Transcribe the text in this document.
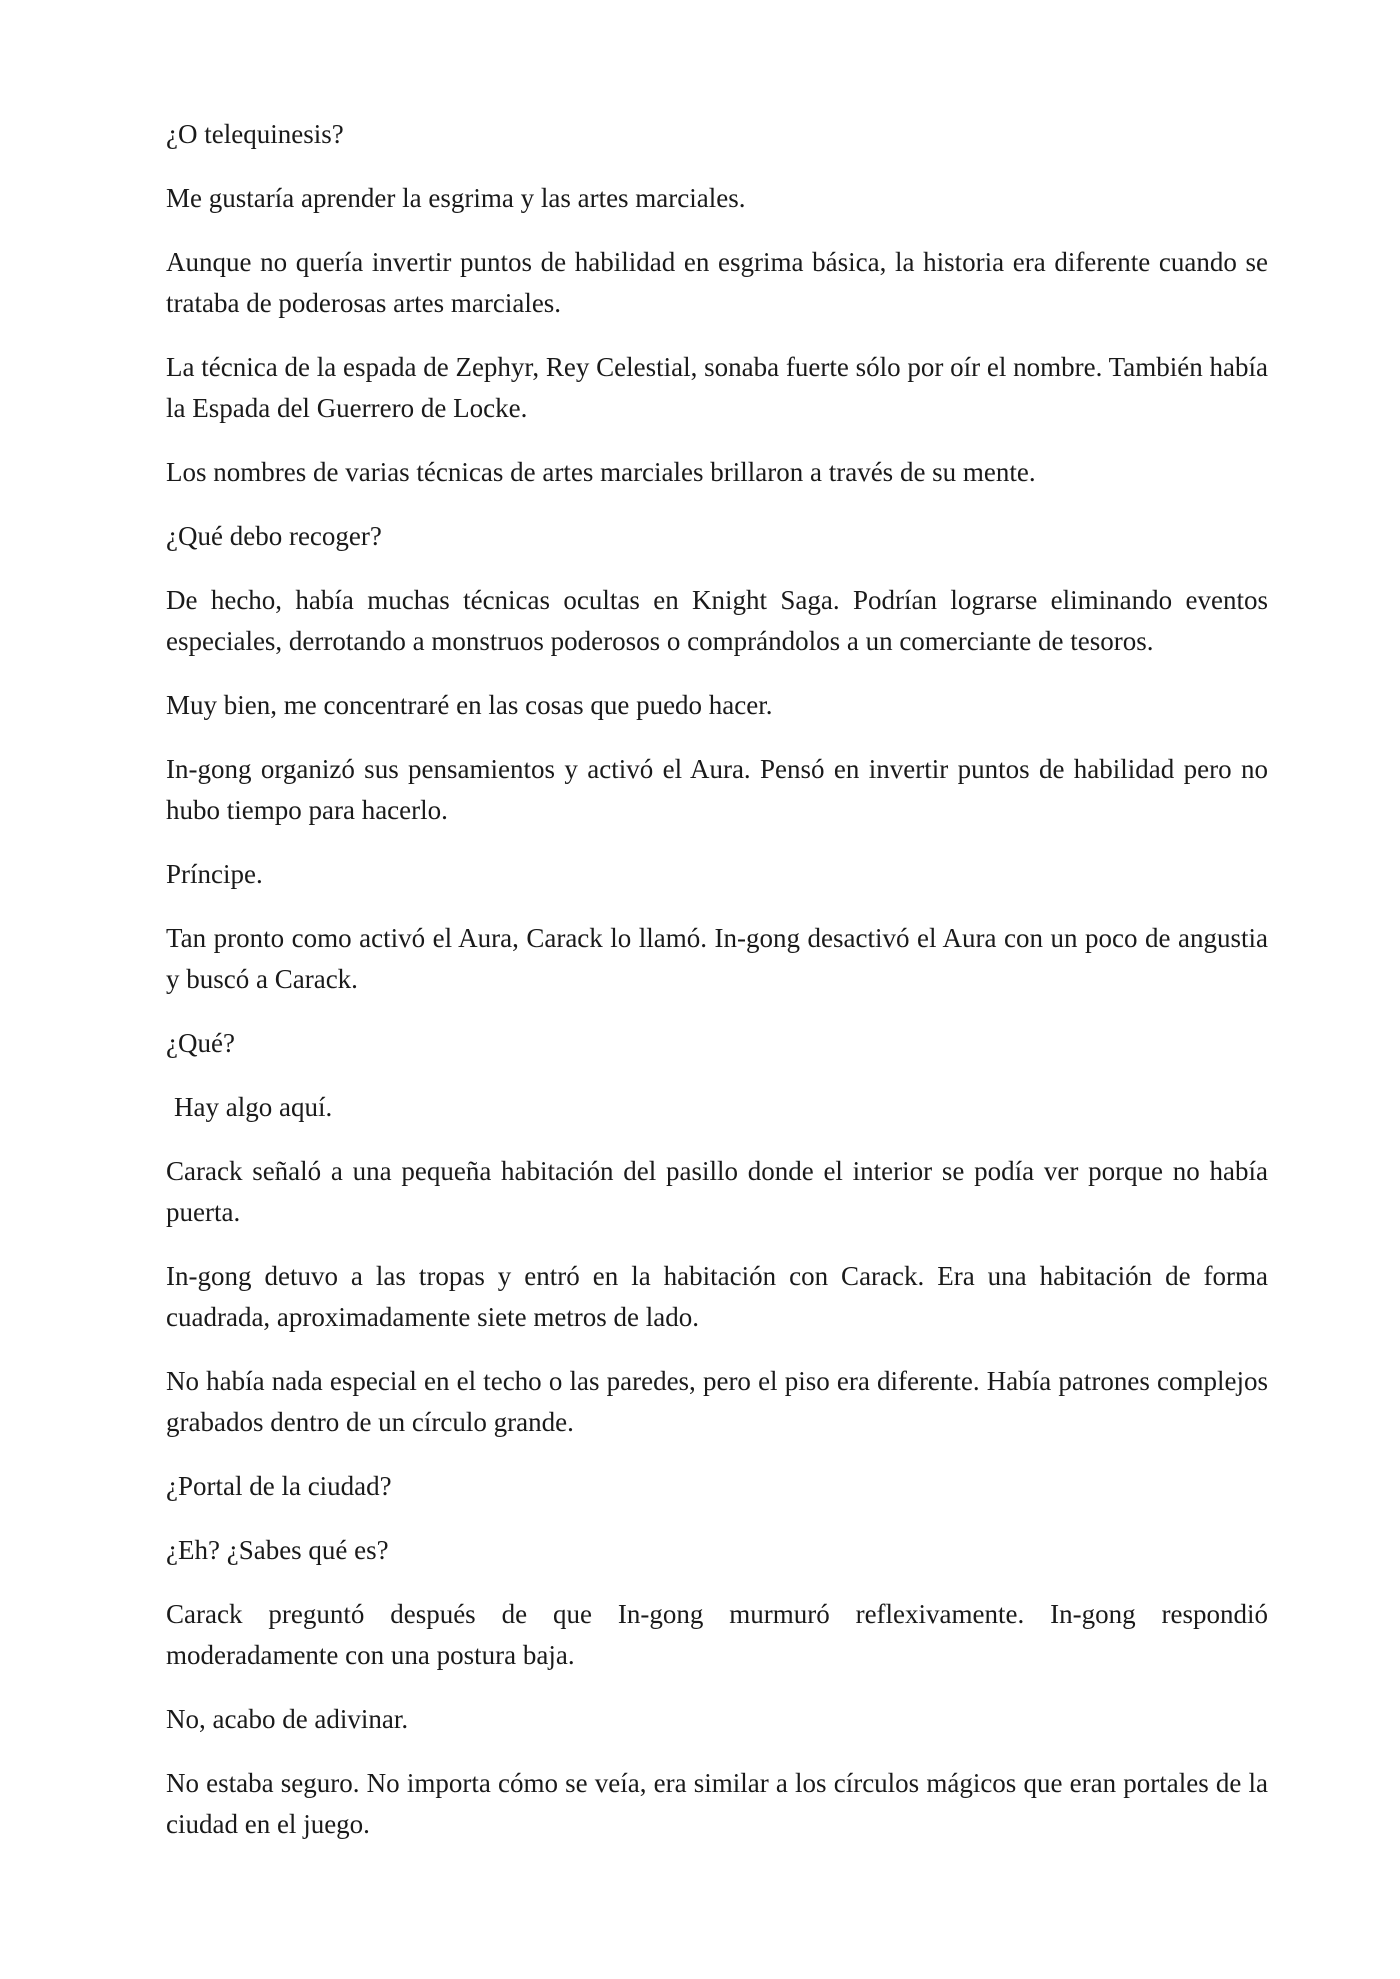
¿O telequinesis?

Me gustaría aprender la esgrima y las artes marciales.

Aunque no quería invertir puntos de habilidad en esgrima básica, la historia era diferente cuando se trataba de poderosas artes marciales.

La técnica de la espada de Zephyr, Rey Celestial, sonaba fuerte sólo por oír el nombre. También había la Espada del Guerrero de Locke.

Los nombres de varias técnicas de artes marciales brillaron a través de su mente.

¿Qué debo recoger?

De hecho, había muchas técnicas ocultas en Knight Saga. Podrían lograrse eliminando eventos especiales, derrotando a monstruos poderosos o comprándolos a un comerciante de tesoros.

Muy bien, me concentraré en las cosas que puedo hacer.

In-gong organizó sus pensamientos y activó el Aura. Pensó en invertir puntos de habilidad pero no hubo tiempo para hacerlo.

Príncipe.

Tan pronto como activó el Aura, Carack lo llamó. In-gong desactivó el Aura con un poco de angustia y buscó a Carack.

¿Qué?

Hay algo aquí.

Carack señaló a una pequeña habitación del pasillo donde el interior se podía ver porque no había puerta.

In-gong detuvo a las tropas y entró en la habitación con Carack. Era una habitación de forma cuadrada, aproximadamente siete metros de lado.

No había nada especial en el techo o las paredes, pero el piso era diferente. Había patrones complejos grabados dentro de un círculo grande.

¿Portal de la ciudad?

¿Eh? ¿Sabes qué es?

Carack preguntó después de que In-gong murmuró reflexivamente. In-gong respondió moderadamente con una postura baja.

No, acabo de adivinar.

No estaba seguro. No importa cómo se veía, era similar a los círculos mágicos que eran portales de la ciudad en el juego.
